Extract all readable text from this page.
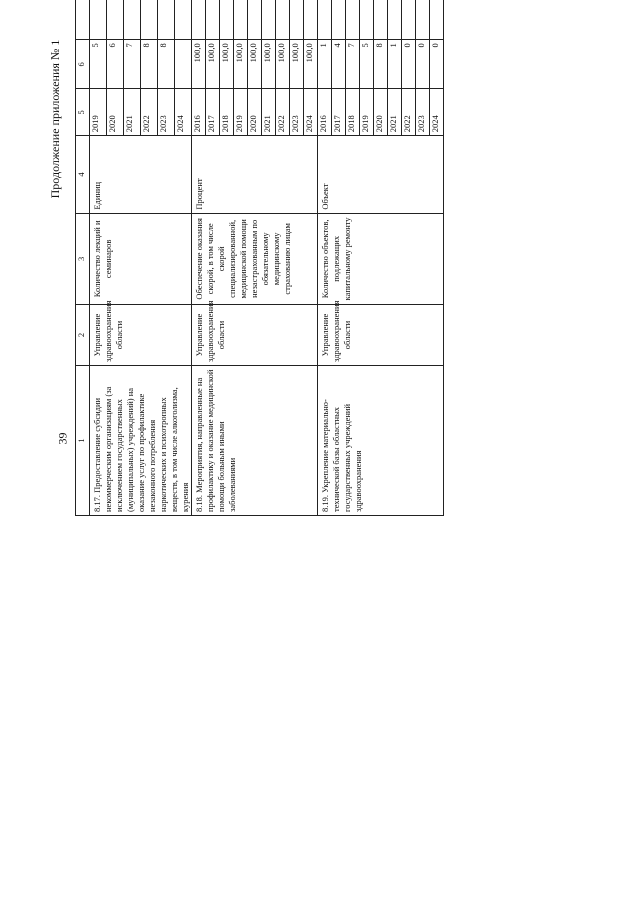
39
Продолжение приложения № 1
1	2	3	4	5	6					
8.17. Предоставление субсидии некоммерческим организациям (за исключением государственных (муниципальных) учреждений) на оказание услуг по профилактике незаконного потребления наркотических и психотропных веществ, в том числе алкоголизма, курения	Управление здравоохранения области	Количество лекций и семинаров	Единиц	2019	5					
				2020	6					
				2021	7					
				2022	8					
				2023	8					
				2024						
8.18. Мероприятия, направленные на профилактику и оказание медицинской помощи больным иными заболеваниями	Управление здравоохранения области	Обеспечение оказания скорой, в том числе скорой специализированной, медицинской помощи незастрахованным по обязательному медицинскому страхованию лицам	Процент	2016	100,0					
				2017	100,0					
				2018	100,0					
				2019	100,0					
				2020	100,0					
				2021	100,0					
				2022	100,0					
				2023	100,0					
				2024	100,0					
8.19. Укрепление материально-технической базы областных государственных учреждений здравоохранения	Управление здравоохранения области	Количество объектов, подлежащих капитальному ремонту	Объект	2016	1					
				2017	4					
				2018	7					
				2019	5					
				2020	8					
				2021	1					
				2022	0					
				2023	0					
				2024	0					
